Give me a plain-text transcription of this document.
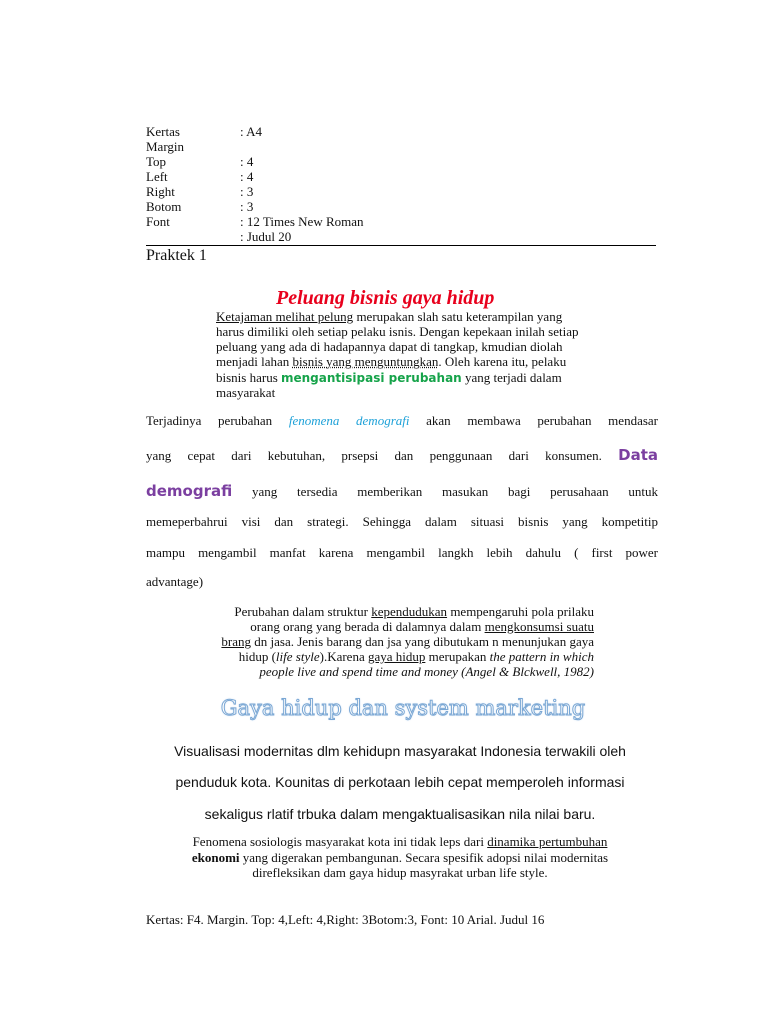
Kertas	: A4
Margin
Top	: 4
Left	: 4
Right	: 3
Botom	: 3
Font	: 12 Times New Roman
: Judul 20
Praktek 1
Peluang bisnis gaya hidup
Ketajaman melihat pelung merupakan slah satu keterampilan yang
harus dimiliki oleh setiap pelaku isnis. Dengan kepekaan inilah setiap
peluang yang ada di hadapannya dapat di tangkap, kmudian diolah
menjadi lahan bisnis yang menguntungkan. Oleh karena itu, pelaku
bisnis harus mengantisipasi perubahan yang terjadi dalam
masyarakat
Terjadinya perubahan fenomena demografi akan membawa perubahan mendasar
yang cepat dari kebutuhan, prsepsi dan penggunaan dari konsumen. Data
demografi yang tersedia memberikan masukan bagi perusahaan untuk
memeperbahrui visi dan strategi. Sehingga dalam situasi bisnis yang kompetitip
mampu mengambil manfat karena mengambil langkh lebih dahulu ( first power
advantage)
Perubahan dalam struktur kependudukan mempengaruhi pola prilaku
orang orang yang berada di dalamnya dalam mengkonsumsi suatu
brang dn jasa. Jenis barang dan jsa yang dibutukam n menunjukan gaya
hidup (life style).Karena gaya hidup merupakan the pattern in which
people live and spend time and money (Angel & Blckwell, 1982)
Gaya hidup dan system marketing
Visualisasi modernitas dlm kehidupn masyarakat Indonesia terwakili oleh
penduduk kota. Kounitas di perkotaan lebih cepat memperoleh informasi
sekaligus rlatif trbuka dalam mengaktualisasikan nila nilai baru.
Fenomena sosiologis masyarakat kota ini tidak leps dari dinamika pertumbuhan
ekonomi yang digerakan pembangunan. Secara spesifik adopsi nilai modernitas
direfleksikan dam gaya hidup masyrakat urban life style.
Kertas: F4. Margin. Top: 4,Left: 4,Right: 3Botom:3, Font: 10 Arial. Judul 16
